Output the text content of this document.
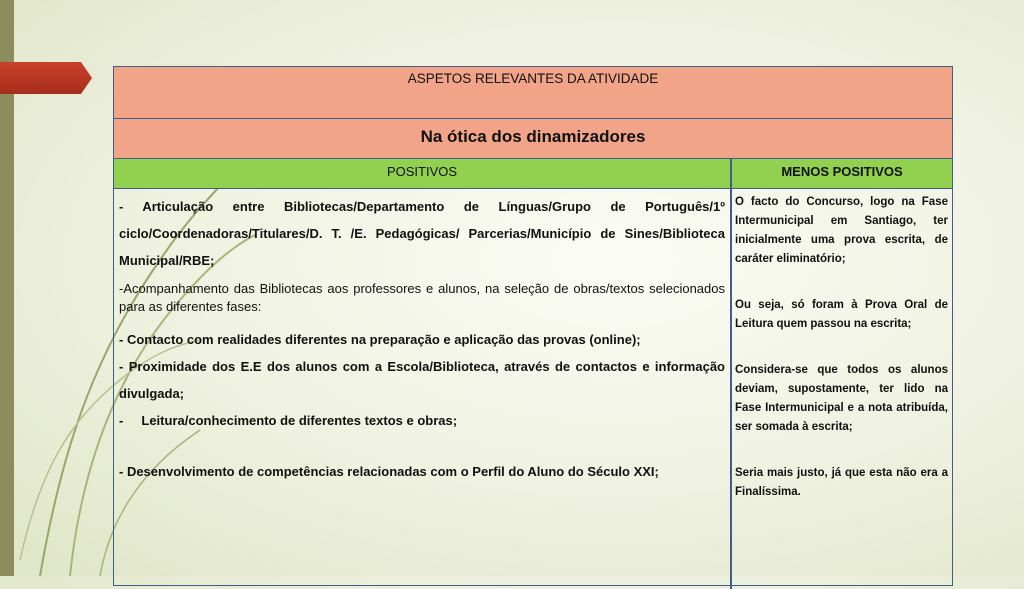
ASPETOS RELEVANTES DA ATIVIDADE
Na ótica dos dinamizadores
POSITIVOS	MENOS POSITIVOS

- Articulação entre Bibliotecas/Departamento de Línguas/Grupo de Português/1º ciclo/Coordenadoras/Titulares/D. T. /E. Pedagógicas/ Parcerias/Município de Sines/Biblioteca Municipal/RBE;

-Acompanhamento das Bibliotecas aos professores e alunos, na seleção de obras/textos selecionados para as diferentes fases:

- Contacto com realidades diferentes na preparação e aplicação das provas (online);

- Proximidade dos E.E dos alunos com a Escola/Biblioteca, através de contactos e informação divulgada;

-     Leitura/conhecimento de diferentes textos e obras;

- Desenvolvimento de competências relacionadas com o Perfil do Aluno do Século XXI;

O facto do Concurso, logo na Fase Intermunicipal em Santiago, ter inicialmente uma prova escrita, de caráter eliminatório;

Ou seja, só foram à Prova Oral de Leitura quem passou na escrita;

Considera-se que todos os alunos deviam, supostamente, ter lido na Fase Intermunicipal e a nota atribuída, ser somada à escrita;

Seria mais justo, já que esta não era a Finalíssima.
